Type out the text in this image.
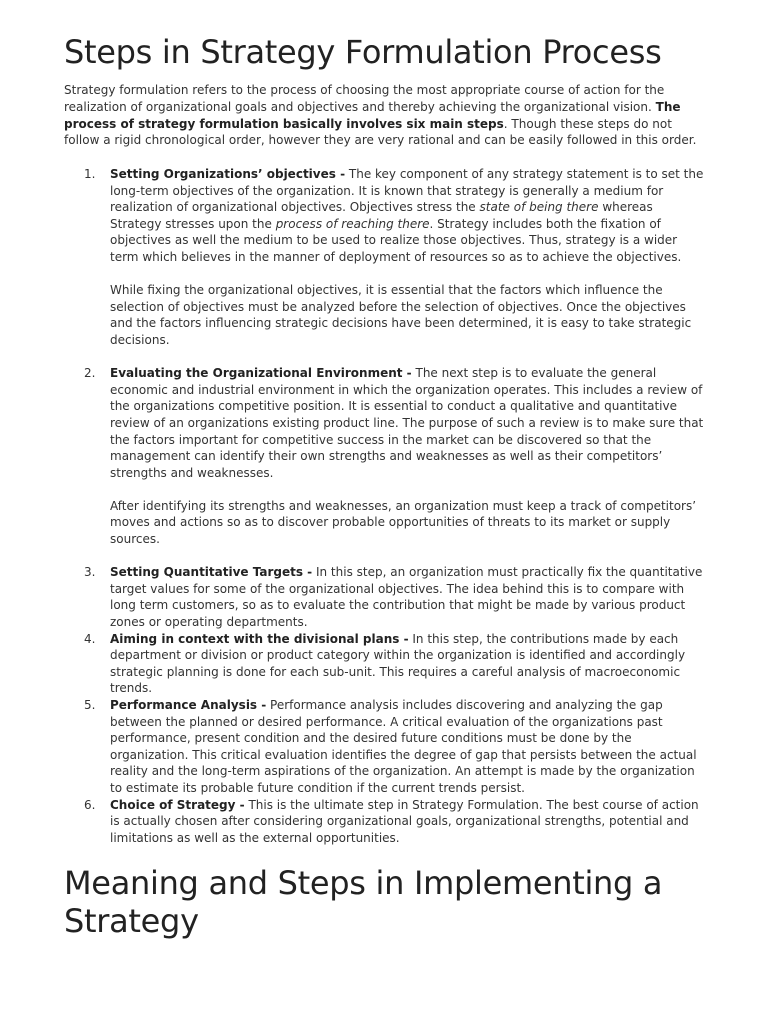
Steps in Strategy Formulation Process

Strategy formulation refers to the process of choosing the most appropriate course of action for the realization of organizational goals and objectives and thereby achieving the organizational vision. The process of strategy formulation basically involves six main steps. Though these steps do not follow a rigid chronological order, however they are very rational and can be easily followed in this order.

1. Setting Organizations’ objectives - The key component of any strategy statement is to set the long-term objectives of the organization. It is known that strategy is generally a medium for realization of organizational objectives. Objectives stress the state of being there whereas Strategy stresses upon the process of reaching there. Strategy includes both the fixation of objectives as well the medium to be used to realize those objectives. Thus, strategy is a wider term which believes in the manner of deployment of resources so as to achieve the objectives.

While fixing the organizational objectives, it is essential that the factors which influence the selection of objectives must be analyzed before the selection of objectives. Once the objectives and the factors influencing strategic decisions have been determined, it is easy to take strategic decisions.

2. Evaluating the Organizational Environment - The next step is to evaluate the general economic and industrial environment in which the organization operates. This includes a review of the organizations competitive position. It is essential to conduct a qualitative and quantitative review of an organizations existing product line. The purpose of such a review is to make sure that the factors important for competitive success in the market can be discovered so that the management can identify their own strengths and weaknesses as well as their competitors’ strengths and weaknesses.

After identifying its strengths and weaknesses, an organization must keep a track of competitors’ moves and actions so as to discover probable opportunities of threats to its market or supply sources.

3. Setting Quantitative Targets - In this step, an organization must practically fix the quantitative target values for some of the organizational objectives. The idea behind this is to compare with long term customers, so as to evaluate the contribution that might be made by various product zones or operating departments.

4. Aiming in context with the divisional plans - In this step, the contributions made by each department or division or product category within the organization is identified and accordingly strategic planning is done for each sub-unit. This requires a careful analysis of macroeconomic trends.

5. Performance Analysis - Performance analysis includes discovering and analyzing the gap between the planned or desired performance. A critical evaluation of the organizations past performance, present condition and the desired future conditions must be done by the organization. This critical evaluation identifies the degree of gap that persists between the actual reality and the long-term aspirations of the organization. An attempt is made by the organization to estimate its probable future condition if the current trends persist.

6. Choice of Strategy - This is the ultimate step in Strategy Formulation. The best course of action is actually chosen after considering organizational goals, organizational strengths, potential and limitations as well as the external opportunities.

Meaning and Steps in Implementing a Strategy
